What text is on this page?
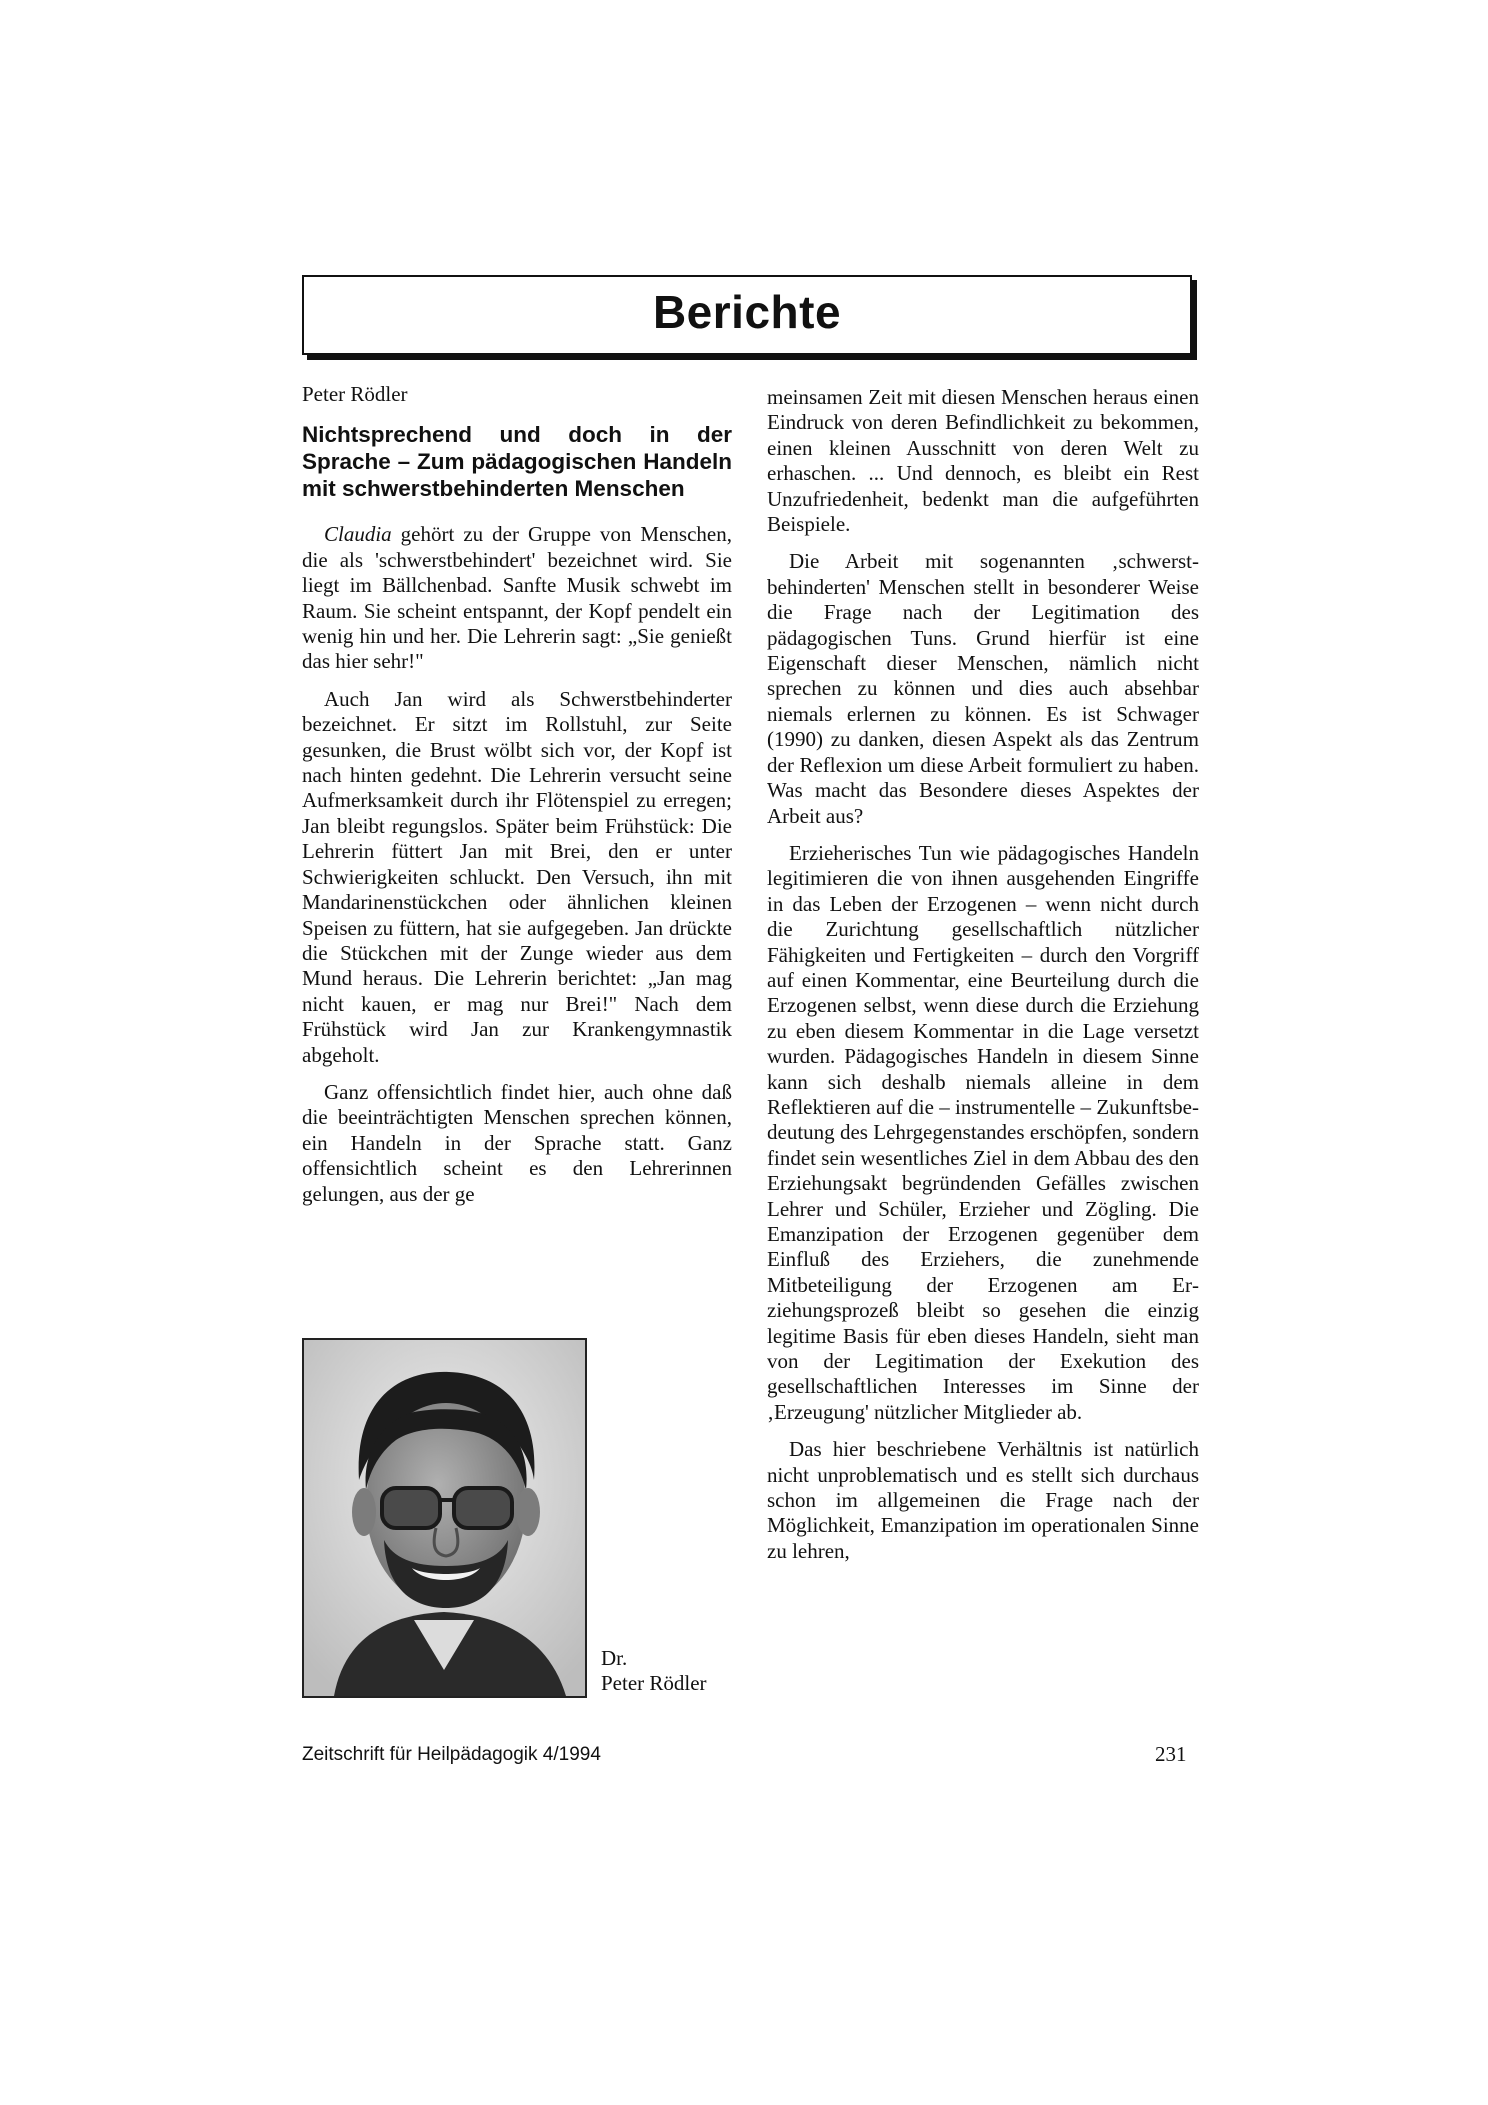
Berichte
Peter Rödler
Nichtsprechend und doch in der Sprache – Zum pädagogischen Handeln mit schwerstbehinderten Menschen

Claudia gehört zu der Gruppe von Menschen, die als 'schwerstbehindert' bezeichnet wird. Sie liegt im Bällchenbad. Sanfte Musik schwebt im Raum. Sie scheint entspannt, der Kopf pendelt ein wenig hin und her. Die Lehrerin sagt: „Sie genießt das hier sehr!"

Auch Jan wird als Schwerstbehinderter bezeichnet. Er sitzt im Rollstuhl, zur Seite gesunken, die Brust wölbt sich vor, der Kopf ist nach hinten gedehnt. Die Lehrerin versucht seine Aufmerksamkeit durch ihr Flötenspiel zu erregen; Jan bleibt regungslos. Später beim Frühstück: Die Lehrerin füttert Jan mit Brei, den er unter Schwierigkeiten schluckt. Den Versuch, ihn mit Mandarinenstückchen oder ähnlichen kleinen Speisen zu füttern, hat sie aufgegeben. Jan drückte die Stückchen mit der Zunge wieder aus dem Mund heraus. Die Lehrerin berichtet: „Jan mag nicht kauen, er mag nur Brei!" Nach dem Frühstück wird Jan zur Krankengymnastik abgeholt.

Ganz offensichtlich findet hier, auch ohne daß die beeinträchtigten Menschen sprechen können, ein Handeln in der Sprache statt. Ganz offensichtlich scheint es den Lehrerinnen gelungen, aus der ge

Dr.
Peter Rödler

meinsamen Zeit mit diesen Menschen heraus einen Eindruck von deren Befindlichkeit zu bekommen, einen kleinen Ausschnitt von deren Welt zu erhaschen. ... Und dennoch, es bleibt ein Rest Unzufriedenheit, bedenkt man die aufgeführten Beispiele.

Die Arbeit mit sogenannten ‚schwerstbehinderten' Menschen stellt in besonderer Weise die Frage nach der Legitimation des pädagogischen Tuns. Grund hierfür ist eine Eigenschaft dieser Menschen, nämlich nicht sprechen zu können und dies auch absehbar niemals erlernen zu können. Es ist Schwager (1990) zu danken, diesen Aspekt als das Zentrum der Reflexion um diese Arbeit formuliert zu haben. Was macht das Besondere dieses Aspektes der Arbeit aus?

Erzieherisches Tun wie pädagogisches Handeln legitimieren die von ihnen ausgehenden Eingriffe in das Leben der Erzogenen – wenn nicht durch die Zurichtung gesellschaftlich nützlicher Fähigkeiten und Fertigkeiten – durch den Vorgriff auf einen Kommentar, eine Beurteilung durch die Erzogenen selbst, wenn diese durch die Erziehung zu eben diesem Kommentar in die Lage versetzt wurden. Pädagogisches Handeln in diesem Sinne kann sich deshalb niemals alleine in dem Reflektieren auf die – instrumentelle – Zukunftsbedeutung des Lehrgegenstandes erschöpfen, sondern findet sein wesentliches Ziel in dem Abbau des den Erziehungsakt begründenden Gefälles zwischen Lehrer und Schüler, Erzieher und Zögling. Die Emanzipation der Erzogenen gegenüber dem Einfluß des Erziehers, die zunehmende Mitbeteiligung der Erzogenen am Erziehungsprozeß bleibt so gesehen die einzig legitime Basis für eben dieses Handeln, sieht man von der Legitimation der Exekution des gesellschaftlichen Interesses im Sinne der ‚Erzeugung' nützlicher Mitglieder ab.

Das hier beschriebene Verhältnis ist natürlich nicht unproblematisch und es stellt sich durchaus schon im allgemeinen die Frage nach der Möglichkeit, Emanzipation im operationalen Sinne zu lehren,

Zeitschrift für Heilpädagogik 4/1994	231
